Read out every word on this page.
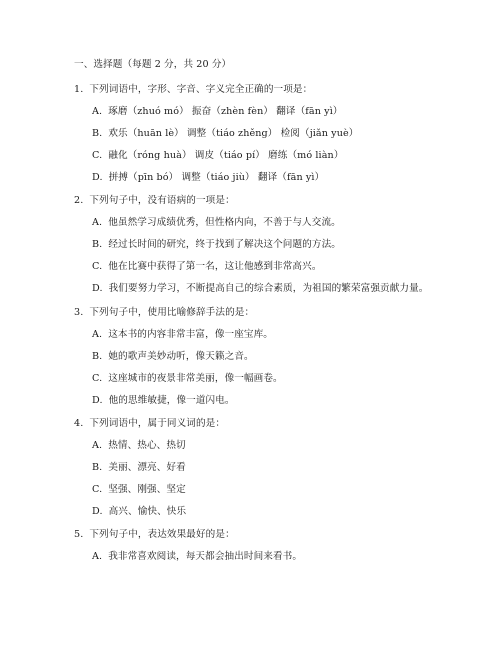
一、选择题（每题 2 分，共 20 分）
1. 下列词语中，字形、字音、字义完全正确的一项是：
A. 琢磨（zhuó mó） 振奋（zhèn fèn） 翻译（fān yì）
B. 欢乐（huān lè） 调整（tiáo zhěng） 检阅（jiǎn yuè）
C. 融化（róng huà） 调皮（tiáo pí） 磨练（mó liàn）
D. 拼搏（pīn bó） 调整（tiáo jiù） 翻译（fān yì）
2. 下列句子中，没有语病的一项是：
A. 他虽然学习成绩优秀，但性格内向，不善于与人交流。
B. 经过长时间的研究，终于找到了解决这个问题的方法。
C. 他在比赛中获得了第一名，这让他感到非常高兴。
D. 我们要努力学习，不断提高自己的综合素质，为祖国的繁荣富强贡献力量。
3. 下列句子中，使用比喻修辞手法的是：
A. 这本书的内容非常丰富，像一座宝库。
B. 她的歌声美妙动听，像天籁之音。
C. 这座城市的夜景非常美丽，像一幅画卷。
D. 他的思维敏捷，像一道闪电。
4. 下列词语中，属于同义词的是：
A. 热情、热心、热切
B. 美丽、漂亮、好看
C. 坚强、刚强、坚定
D. 高兴、愉快、快乐
5. 下列句子中，表达效果最好的是：
A. 我非常喜欢阅读，每天都会抽出时间来看书。
